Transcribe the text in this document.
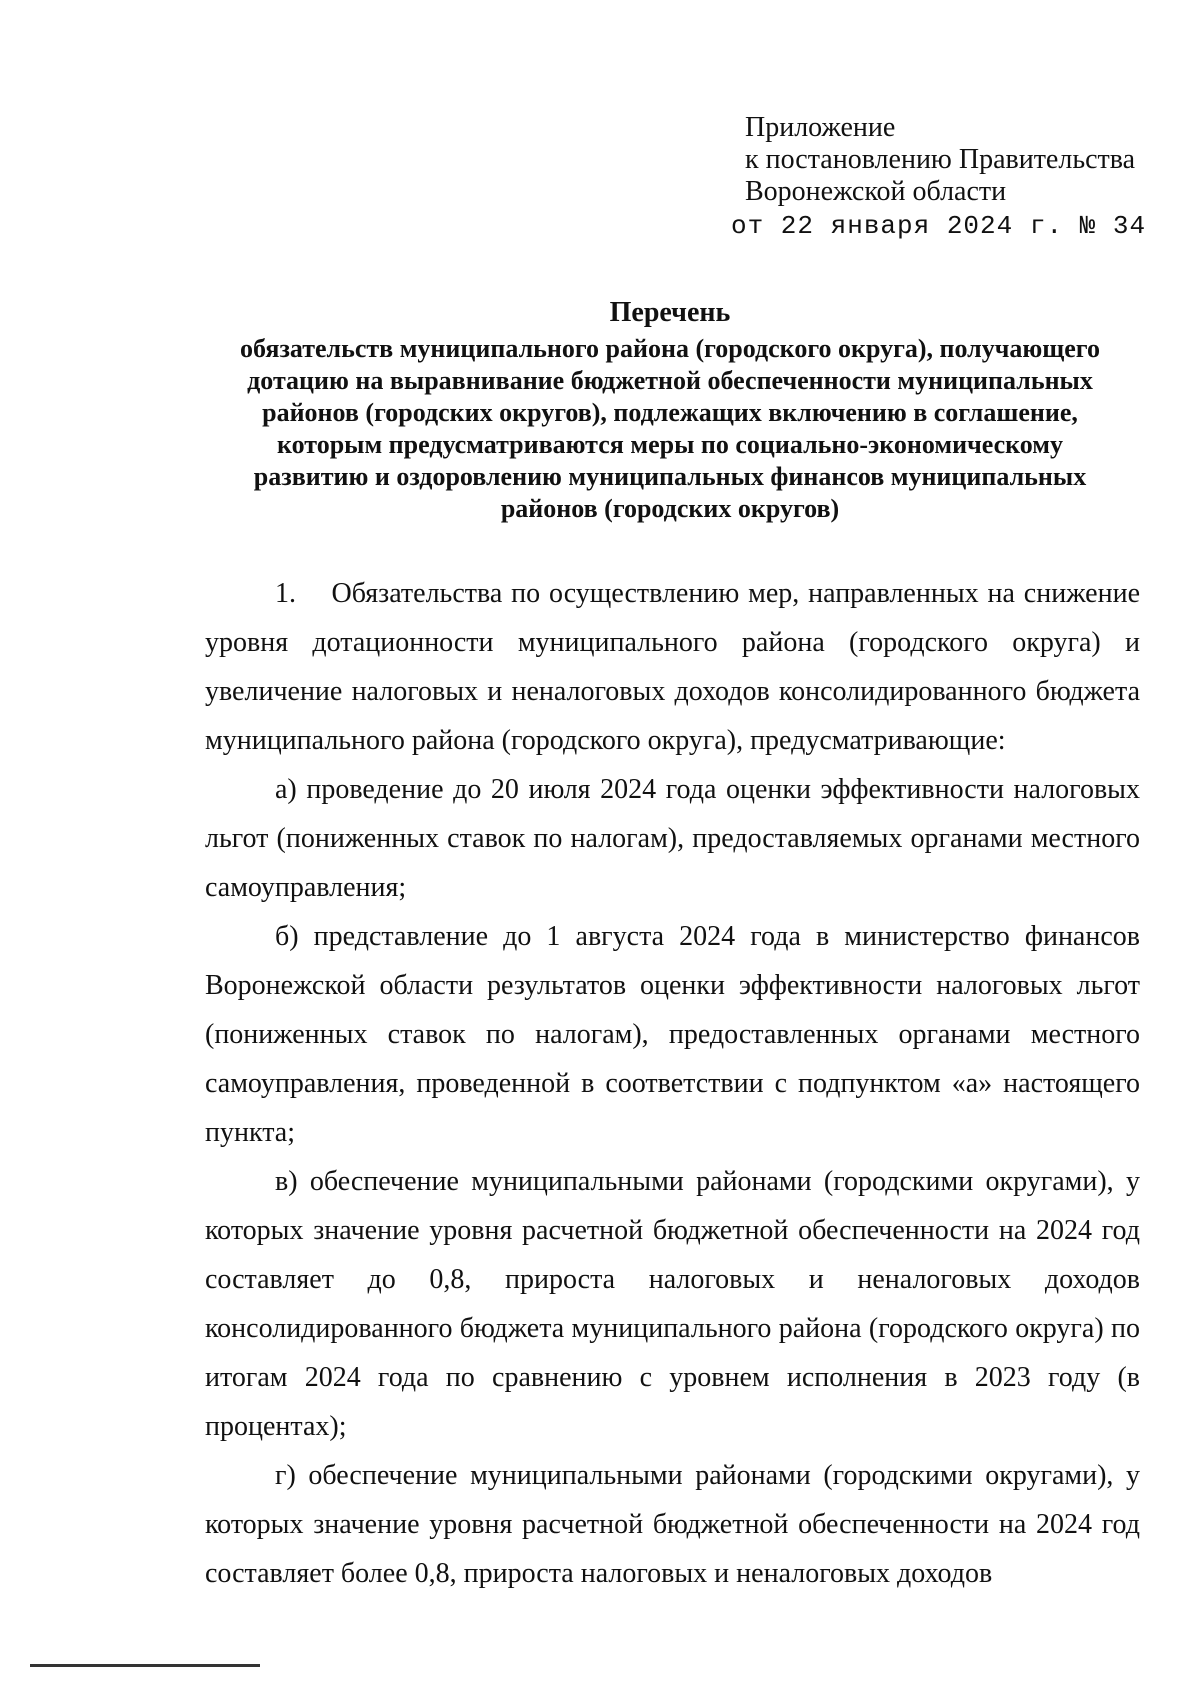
Приложение
к постановлению Правительства
Воронежской области
от 22 января 2024 г. № 34
Перечень
обязательств муниципального района (городского округа), получающего
дотацию на выравнивание бюджетной обеспеченности муниципальных
районов (городских округов), подлежащих включению в соглашение,
которым предусматриваются меры по социально-экономическому
развитию и оздоровлению муниципальных финансов муниципальных
районов (городских округов)

1.    Обязательства по осуществлению мер, направленных на снижение уровня дотационности муниципального района (городского округа) и увеличение налоговых и неналоговых доходов консолидированного бюджета муниципального района (городского округа), предусматривающие:

а) проведение до 20 июля 2024 года оценки эффективности налоговых льгот (пониженных ставок по налогам), предоставляемых органами местного самоуправления;

б) представление до 1 августа 2024 года в министерство финансов Воронежской области результатов оценки эффективности налоговых льгот (пониженных ставок по налогам), предоставленных органами местного самоуправления, проведенной в соответствии с подпунктом «а» настоящего пункта;

в) обеспечение муниципальными районами (городскими округами), у которых значение уровня расчетной бюджетной обеспеченности на 2024 год составляет до 0,8, прироста налоговых и неналоговых доходов консолидированного бюджета муниципального района (городского округа) по итогам 2024 года по сравнению с уровнем исполнения в 2023 году (в процентах);

г) обеспечение муниципальными районами (городскими округами), у которых значение уровня расчетной бюджетной обеспеченности на 2024 год составляет более 0,8, прироста налоговых и неналоговых доходов
